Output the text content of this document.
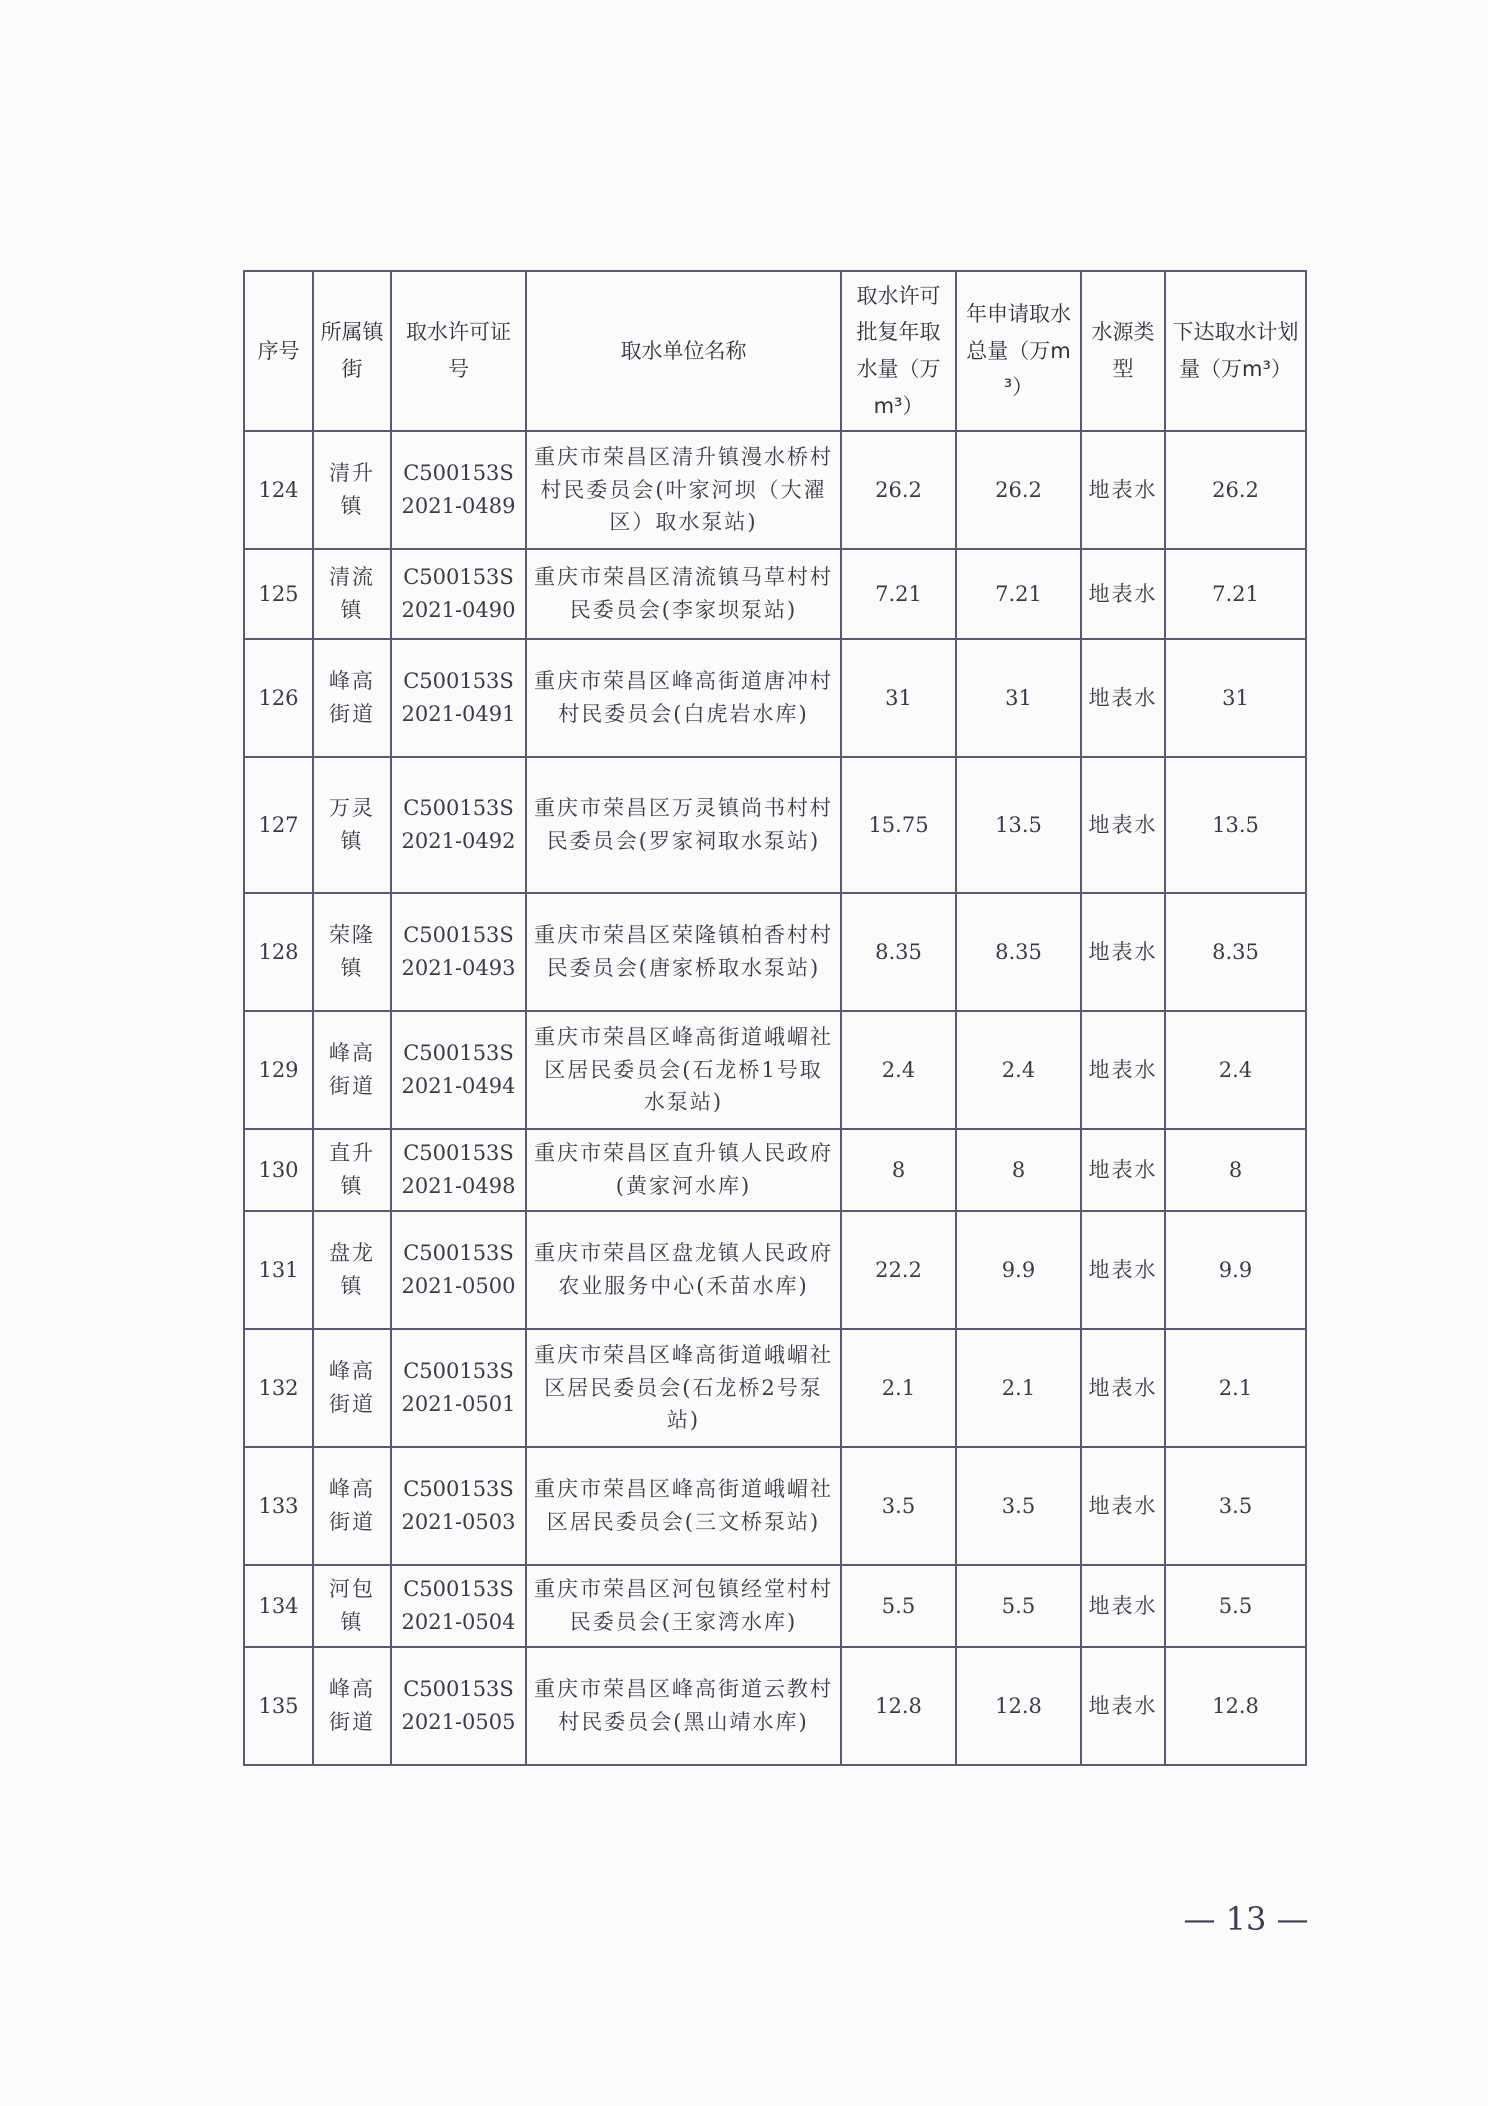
序号	所属镇街	取水许可证号	取水单位名称	取水许可批复年取水量（万m³）	年申请取水总量（万m³）	水源类型	下达取水计划量（万m³）
124	清升镇	C500153S 2021-0489	重庆市荣昌区清升镇漫水桥村村民委员会(叶家河坝（大濯区）取水泵站)	26.2	26.2	地表水	26.2
125	清流镇	C500153S 2021-0490	重庆市荣昌区清流镇马草村村民委员会(李家坝泵站)	7.21	7.21	地表水	7.21
126	峰高街道	C500153S 2021-0491	重庆市荣昌区峰高街道唐冲村村民委员会(白虎岩水库)	31	31	地表水	31
127	万灵镇	C500153S 2021-0492	重庆市荣昌区万灵镇尚书村村民委员会(罗家祠取水泵站)	15.75	13.5	地表水	13.5
128	荣隆镇	C500153S 2021-0493	重庆市荣昌区荣隆镇柏香村村民委员会(唐家桥取水泵站)	8.35	8.35	地表水	8.35
129	峰高街道	C500153S 2021-0494	重庆市荣昌区峰高街道峨嵋社区居民委员会(石龙桥1号取水泵站)	2.4	2.4	地表水	2.4
130	直升镇	C500153S 2021-0498	重庆市荣昌区直升镇人民政府(黄家河水库)	8	8	地表水	8
131	盘龙镇	C500153S 2021-0500	重庆市荣昌区盘龙镇人民政府农业服务中心(禾苗水库)	22.2	9.9	地表水	9.9
132	峰高街道	C500153S 2021-0501	重庆市荣昌区峰高街道峨嵋社区居民委员会(石龙桥2号泵站)	2.1	2.1	地表水	2.1
133	峰高街道	C500153S 2021-0503	重庆市荣昌区峰高街道峨嵋社区居民委员会(三文桥泵站)	3.5	3.5	地表水	3.5
134	河包镇	C500153S 2021-0504	重庆市荣昌区河包镇经堂村村民委员会(王家湾水库)	5.5	5.5	地表水	5.5
135	峰高街道	C500153S 2021-0505	重庆市荣昌区峰高街道云教村村民委员会(黑山靖水库)	12.8	12.8	地表水	12.8
— 13 —
